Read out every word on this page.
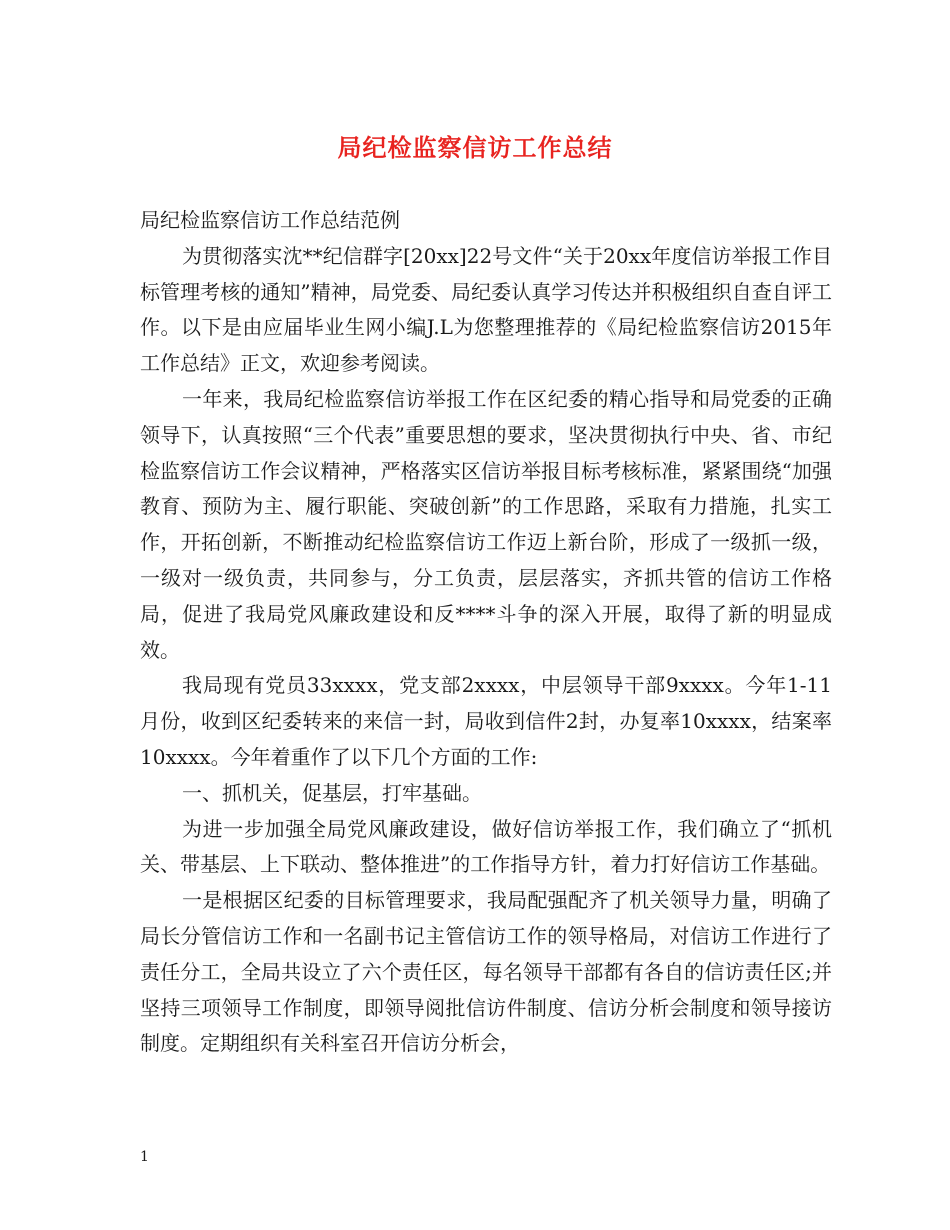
局纪检监察信访工作总结

局纪检监察信访工作总结范例

为贯彻落实沈**纪信群字[20xx]22号文件“关于20xx年度信访举报工作目标管理考核的通知”精神，局党委、局纪委认真学习传达并积极组织自查自评工作。以下是由应届毕业生网小编J.L为您整理推荐的《局纪检监察信访2015年工作总结》正文，欢迎参考阅读。

一年来，我局纪检监察信访举报工作在区纪委的精心指导和局党委的正确领导下，认真按照“三个代表”重要思想的要求，坚决贯彻执行中央、省、市纪检监察信访工作会议精神，严格落实区信访举报目标考核标准，紧紧围绕“加强教育、预防为主、履行职能、突破创新”的工作思路，采取有力措施，扎实工作，开拓创新，不断推动纪检监察信访工作迈上新台阶，形成了一级抓一级，一级对一级负责，共同参与，分工负责，层层落实，齐抓共管的信访工作格局，促进了我局党风廉政建设和反****斗争的深入开展，取得了新的明显成效。

我局现有党员33xxxx，党支部2xxxx，中层领导干部9xxxx。今年1-11月份，收到区纪委转来的来信一封，局收到信件2封，办复率10xxxx，结案率10xxxx。今年着重作了以下几个方面的工作:

一、抓机关，促基层，打牢基础。

为进一步加强全局党风廉政建设，做好信访举报工作，我们确立了“抓机关、带基层、上下联动、整体推进”的工作指导方针，着力打好信访工作基础。

一是根据区纪委的目标管理要求，我局配强配齐了机关领导力量，明确了局长分管信访工作和一名副书记主管信访工作的领导格局，对信访工作进行了责任分工，全局共设立了六个责任区，每名领导干部都有各自的信访责任区;并坚持三项领导工作制度，即领导阅批信访件制度、信访分析会制度和领导接访制度。定期组织有关科室召开信访分析会，

1
